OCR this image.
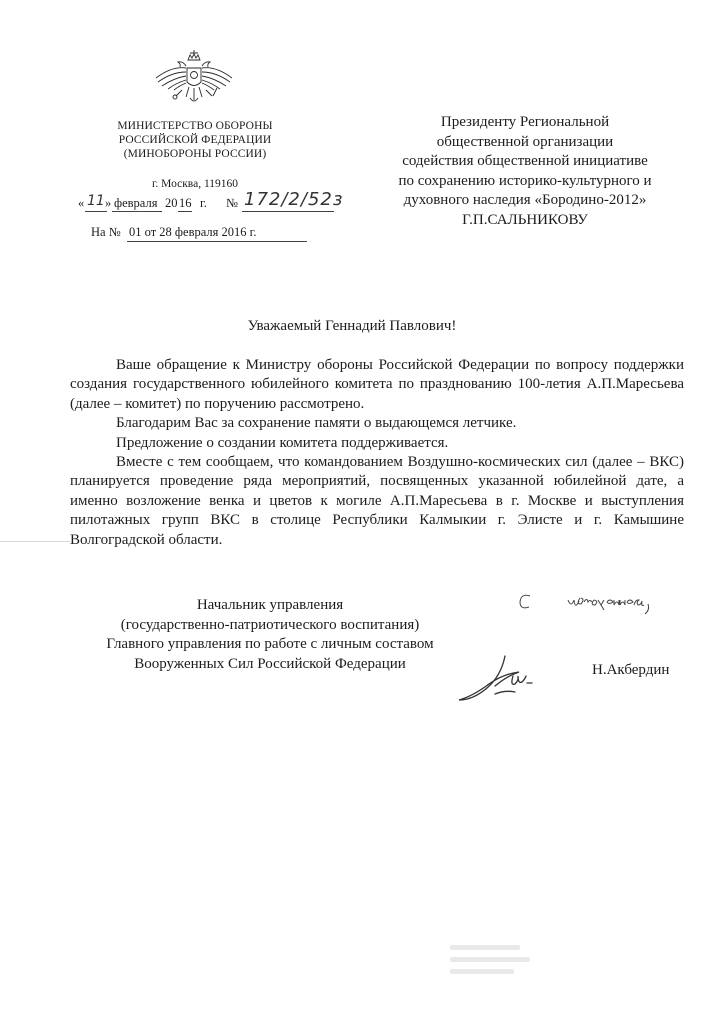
МИНИСТЕРСТВО ОБОРОНЫ
РОССИЙСКОЙ ФЕДЕРАЦИИ
(МИНОБОРОНЫ РОССИИ)
г. Москва, 119160
« 11 » февраля 20 16 г. № 172/2/52з
На № 01 от 28 февраля 2016 г.
Президенту Региональной
общественной организации
содействия общественной инициативе
по сохранению историко-культурного и
духовного наследия «Бородино-2012»
Г.П.САЛЬНИКОВУ
Уважаемый Геннадий Павлович!

Ваше обращение к Министру обороны Российской Федерации по вопросу поддержки создания государственного юбилейного комитета по празднованию 100-летия А.П.Маресьева (далее – комитет) по поручению рассмотрено.

Благодарим Вас за сохранение памяти о выдающемся летчике.

Предложение о создании комитета поддерживается.

Вместе с тем сообщаем, что командованием Воздушно-космических сил (далее – ВКС) планируется проведение ряда мероприятий, посвященных указанной юбилейной дате, а именно возложение венка и цветов к могиле А.П.Маресьева в г. Москве и выступления пилотажных групп ВКС в столице Республики Калмыкии г. Элисте и г. Камышине Волгоградской области.

Начальник управления
(государственно-патриотического воспитания)
Главного управления по работе с личным составом
Вооруженных Сил Российской Федерации	Н.Акбердин
